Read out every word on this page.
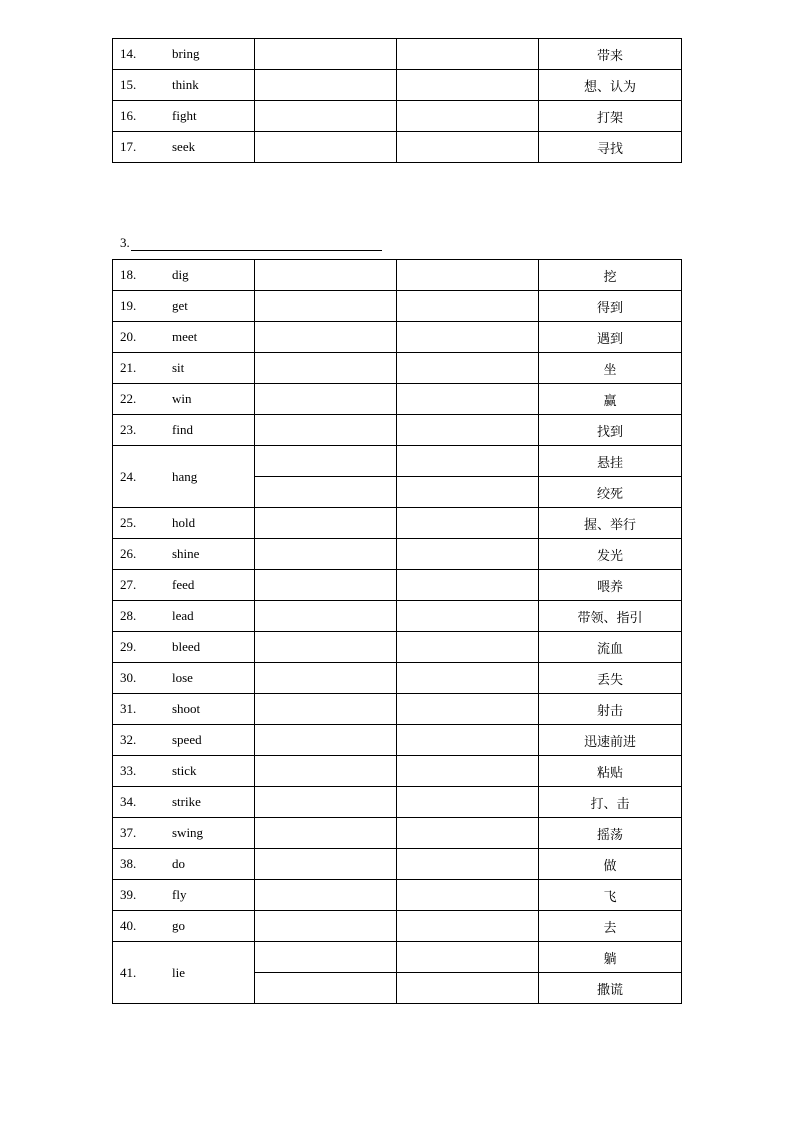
14. bring			带来

15. think			想、认为

16. fight			打架

17. seek			寻找
3.
18. dig			挖

19. get			得到

20. meet			遇到

21. sit			坐

22. win			赢

23. find			找到

24. hang			悬挂
			绞死

25. hold			握、举行

26. shine			发光

27. feed			喂养

28. lead			带领、指引

29. bleed			流血

30. lose			丢失

31. shoot			射击

32. speed			迅速前进

33. stick			粘贴

34. strike			打、击

37. swing			摇荡

38. do			做

39. fly			飞

40. go			去

41. lie			躺
			撒谎
